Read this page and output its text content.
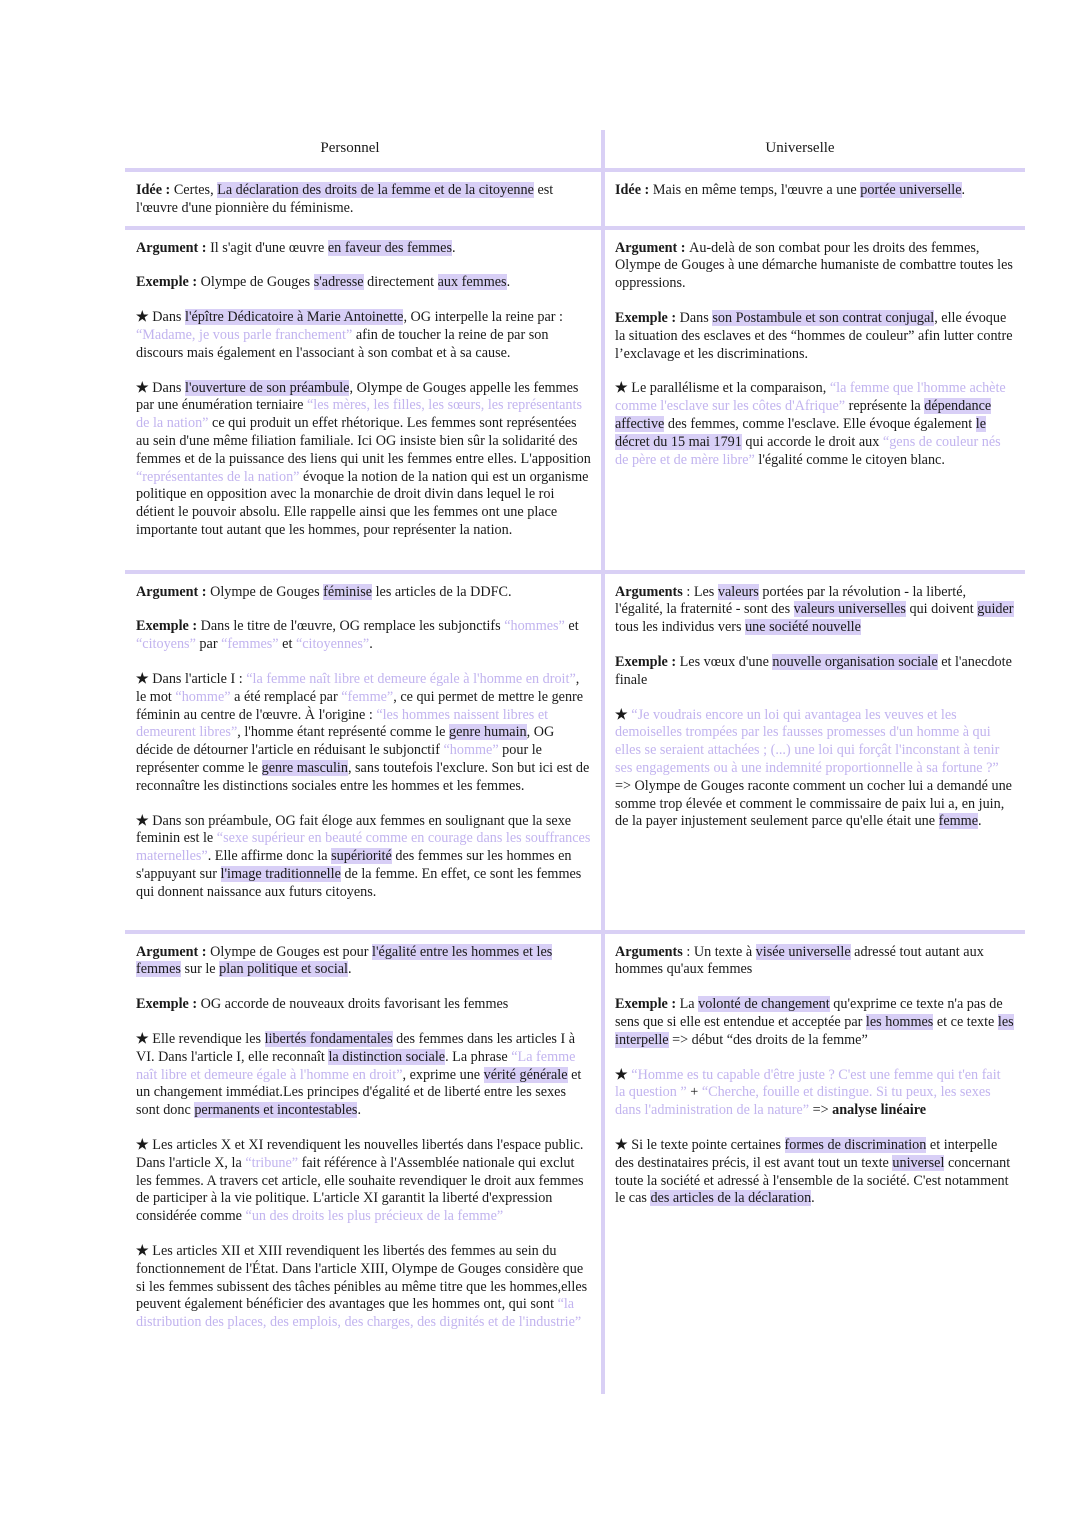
Personnel	Universelle

Idée : Certes, La déclaration des droits de la femme et de la citoyenne est l'œuvre d'une pionnière du féminisme.

Idée : Mais en même temps, l'œuvre a une portée universelle.

Argument : Il s'agit d'une œuvre en faveur des femmes.

Exemple : Olympe de Gouges s'adresse directement aux femmes.

★ Dans l'épître Dédicatoire à Marie Antoinette, OG interpelle la reine par : “Madame, je vous parle franchement” afin de toucher la reine de par son discours mais également en l'associant à son combat et à sa cause.

★ Dans l'ouverture de son préambule, Olympe de Gouges appelle les femmes par une énumération terniaire “les mères, les filles, les sœurs, les représentants de la nation” ce qui produit un effet rhétorique. Les femmes sont représentées au sein d'une même filiation familiale. Ici OG insiste bien sûr la solidarité des femmes et de la puissance des liens qui unit les femmes entre elles. L'apposition “représentantes de la nation” évoque la notion de la nation qui est un organisme politique en opposition avec la monarchie de droit divin dans lequel le roi détient le pouvoir absolu. Elle rappelle ainsi que les femmes ont une place importante tout autant que les hommes, pour représenter la nation.

Argument : Au-delà de son combat pour les droits des femmes, Olympe de Gouges à une démarche humaniste de combattre toutes les oppressions.

Exemple : Dans son Postambule et son contrat conjugal, elle évoque la situation des esclaves et des “hommes de couleur” afin lutter contre l’exclavage et les discriminations.

★ Le parallélisme et la comparaison, “la femme que l'homme achète comme l'esclave sur les côtes d'Afrique” représente la dépendance affective des femmes, comme l'esclave. Elle évoque également le décret du 15 mai 1791 qui accorde le droit aux “gens de couleur nés de père et de mère libre” l'égalité comme le citoyen blanc.

Argument : Olympe de Gouges féminise les articles de la DDFC.

Exemple : Dans le titre de l'œuvre, OG remplace les subjonctifs “hommes” et “citoyens” par “femmes” et “citoyennes”.

★ Dans l'article I : “la femme naît libre et demeure égale à l'homme en droit”, le mot “homme” a été remplacé par “femme”, ce qui permet de mettre le genre féminin au centre de l'œuvre. À l'origine : “les hommes naissent libres et demeurent libres”, l'homme étant représenté comme le genre humain, OG décide de détourner l'article en réduisant le subjonctif “homme” pour le représenter comme le genre masculin, sans toutefois l'exclure. Son but ici est de reconnaître les distinctions sociales entre les hommes et les femmes.

★ Dans son préambule, OG fait éloge aux femmes en soulignant que la sexe feminin est le “sexe supérieur en beauté comme en courage dans les souffrances maternelles”. Elle affirme donc la supériorité des femmes sur les hommes en s'appuyant sur l'image traditionnelle de la femme. En effet, ce sont les femmes qui donnent naissance aux futurs citoyens.

Arguments : Les valeurs portées par la révolution - la liberté, l'égalité, la fraternité - sont des valeurs universelles qui doivent guider tous les individus vers une société nouvelle

Exemple : Les vœux d'une nouvelle organisation sociale et l'anecdote finale

★ “Je voudrais encore un loi qui avantagea les veuves et les demoiselles trompées par les fausses promesses d'un homme à qui elles se seraient attachées ; (...) une loi qui forçât l'inconstant à tenir ses engagements ou à une indemnité proportionnelle à sa fortune ?” => Olympe de Gouges raconte comment un cocher lui a demandé une somme trop élevée et comment le commissaire de paix lui a, en juin, de la payer injustement seulement parce qu'elle était une femme.

Argument : Olympe de Gouges est pour l'égalité entre les hommes et les femmes sur le plan politique et social.

Exemple : OG accorde de nouveaux droits favorisant les femmes

★ Elle revendique les libertés fondamentales des femmes dans les articles I à VI. Dans l'article I, elle reconnaît la distinction sociale. La phrase “La femme naît libre et demeure égale à l'homme en droit”, exprime une vérité générale et un changement immédiat.Les principes d'égalité et de liberté entre les sexes sont donc permanents et incontestables.

★ Les articles X et XI revendiquent les nouvelles libertés dans l'espace public. Dans l'article X, la “tribune” fait référence à l'Assemblée nationale qui exclut les femmes. A travers cet article, elle souhaite revendiquer le droit aux femmes de participer à la vie politique. L'article XI garantit la liberté d'expression considérée comme “un des droits les plus précieux de la femme”

★ Les articles XII et XIII revendiquent les libertés des femmes au sein du fonctionnement de l'État. Dans l'article XIII, Olympe de Gouges considère que si les femmes subissent des tâches pénibles au même titre que les hommes,elles peuvent également bénéficier des avantages que les hommes ont, qui sont “la distribution des places, des emplois, des charges, des dignités et de l'industrie”

Arguments : Un texte à visée universelle adressé tout autant aux hommes qu'aux femmes

Exemple : La volonté de changement qu'exprime ce texte n'a pas de sens que si elle est entendue et acceptée par les hommes et ce texte les interpelle => début “des droits de la femme”

★ “Homme es tu capable d'être juste ? C'est une femme qui t'en fait la question ” + “Cherche, fouille et distingue. Si tu peux, les sexes dans l'administration de la nature” => analyse linéaire

★ Si le texte pointe certaines formes de discrimination et interpelle des destinataires précis, il est avant tout un texte universel concernant toute la société et adressé à l'ensemble de la société. C'est notamment le cas des articles de la déclaration.
